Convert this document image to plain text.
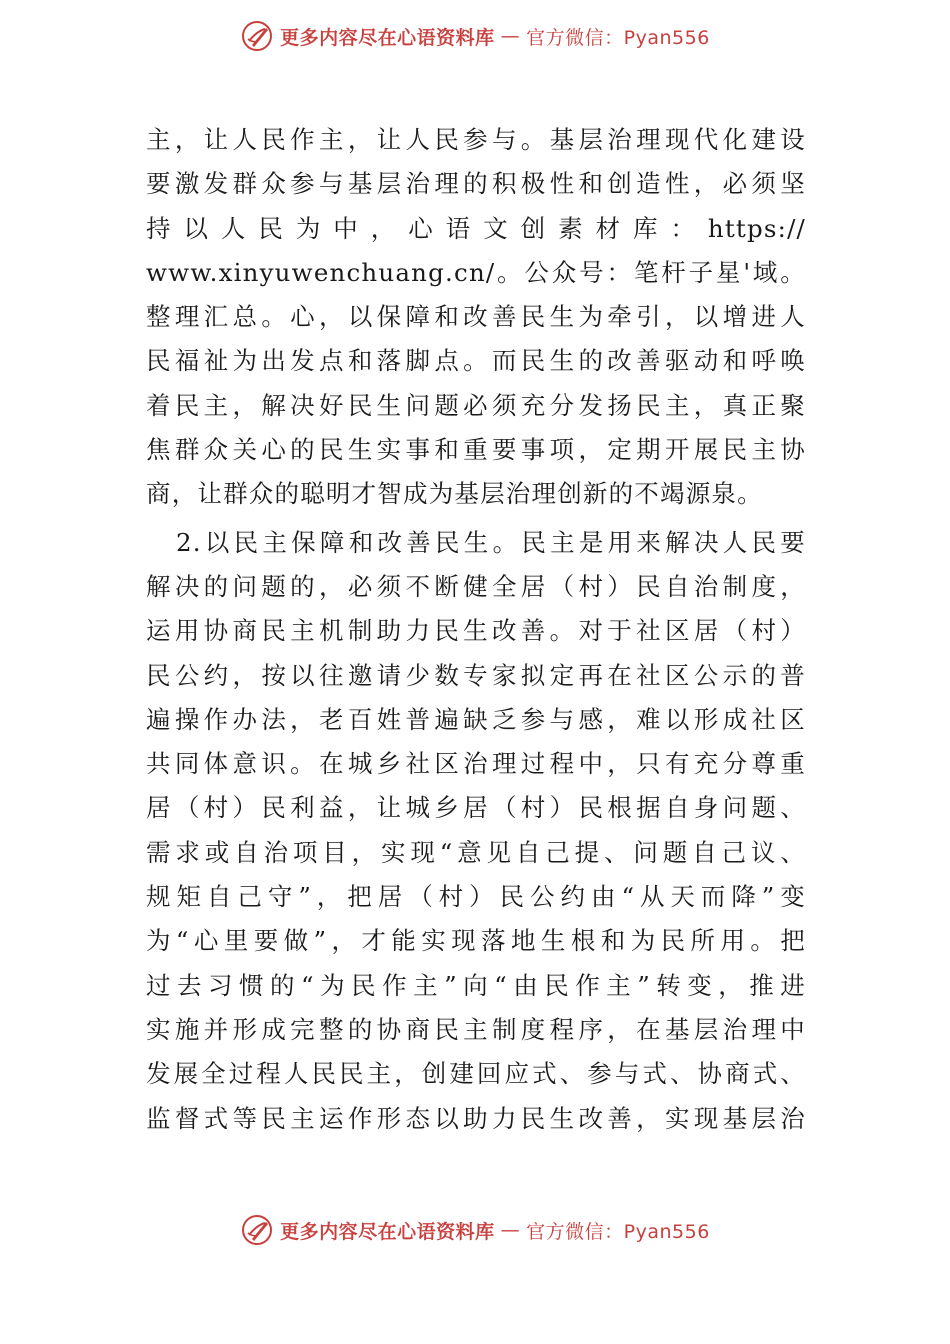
更多内容尽在心语资料库 — 官方微信：Pyan556
主，让人民作主，让人民参与。基层治理现代化建设
要激发群众参与基层治理的积极性和创造性，必须坚
持以人民为中，心语文创素材库：https://
www.xinyuwenchuang.cn/。公众号：笔杆子星'域。
整理汇总。心，以保障和改善民生为牵引，以增进人
民福祉为出发点和落脚点。而民生的改善驱动和呼唤
着民主，解决好民生问题必须充分发扬民主，真正聚
焦群众关心的民生实事和重要事项，定期开展民主协
商，让群众的聪明才智成为基层治理创新的不竭源泉。
2.以民主保障和改善民生。民主是用来解决人民要
解决的问题的，必须不断健全居（村）民自治制度，
运用协商民主机制助力民生改善。对于社区居（村）
民公约，按以往邀请少数专家拟定再在社区公示的普
遍操作办法，老百姓普遍缺乏参与感，难以形成社区
共同体意识。在城乡社区治理过程中，只有充分尊重
居（村）民利益，让城乡居（村）民根据自身问题、
需求或自治项目，实现“意见自己提、问题自己议、
规矩自己守”，把居（村）民公约由“从天而降”变
为“心里要做”，才能实现落地生根和为民所用。把
过去习惯的“为民作主”向“由民作主”转变，推进
实施并形成完整的协商民主制度程序，在基层治理中
发展全过程人民民主，创建回应式、参与式、协商式、
监督式等民主运作形态以助力民生改善，实现基层治
更多内容尽在心语资料库 — 官方微信：Pyan556
